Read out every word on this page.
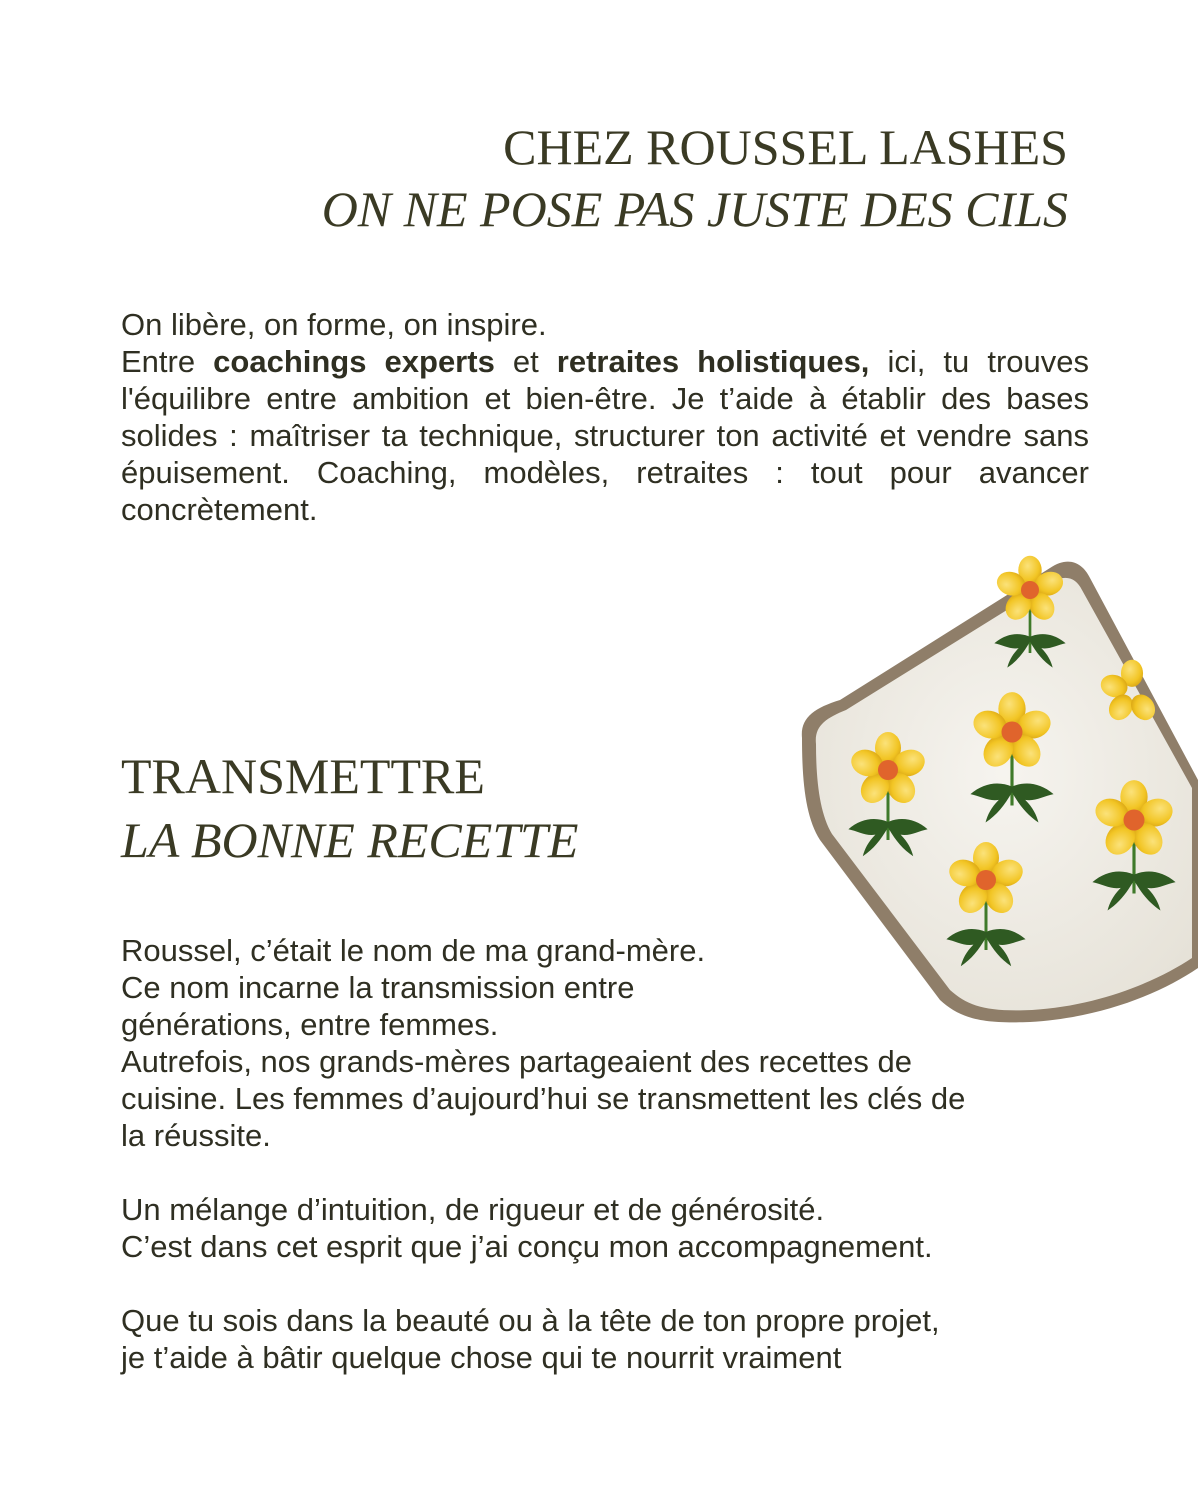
CHEZ ROUSSEL LASHES
ON NE POSE PAS JUSTE DES CILS
On libère, on forme, on inspire.
Entre coachings experts et retraites holistiques, ici, tu trouves l'équilibre entre ambition et bien-être. Je t’aide à établir des bases solides : maîtriser ta technique, structurer ton activité et vendre sans épuisement. Coaching, modèles, retraites : tout pour avancer concrètement.
TRANSMETTRE
LA BONNE RECETTE

Roussel, c’était le nom de ma grand-mère.

Ce nom incarne la transmission entre

générations, entre femmes.

Autrefois, nos grands-mères partageaient des recettes de

cuisine. Les femmes d’aujourd’hui se transmettent les clés de

la réussite.

Un mélange d’intuition, de rigueur et de générosité.

C’est dans cet esprit que j’ai conçu mon accompagnement.

Que tu sois dans la beauté ou à la tête de ton propre projet,

je t’aide à bâtir quelque chose qui te nourrit vraiment
